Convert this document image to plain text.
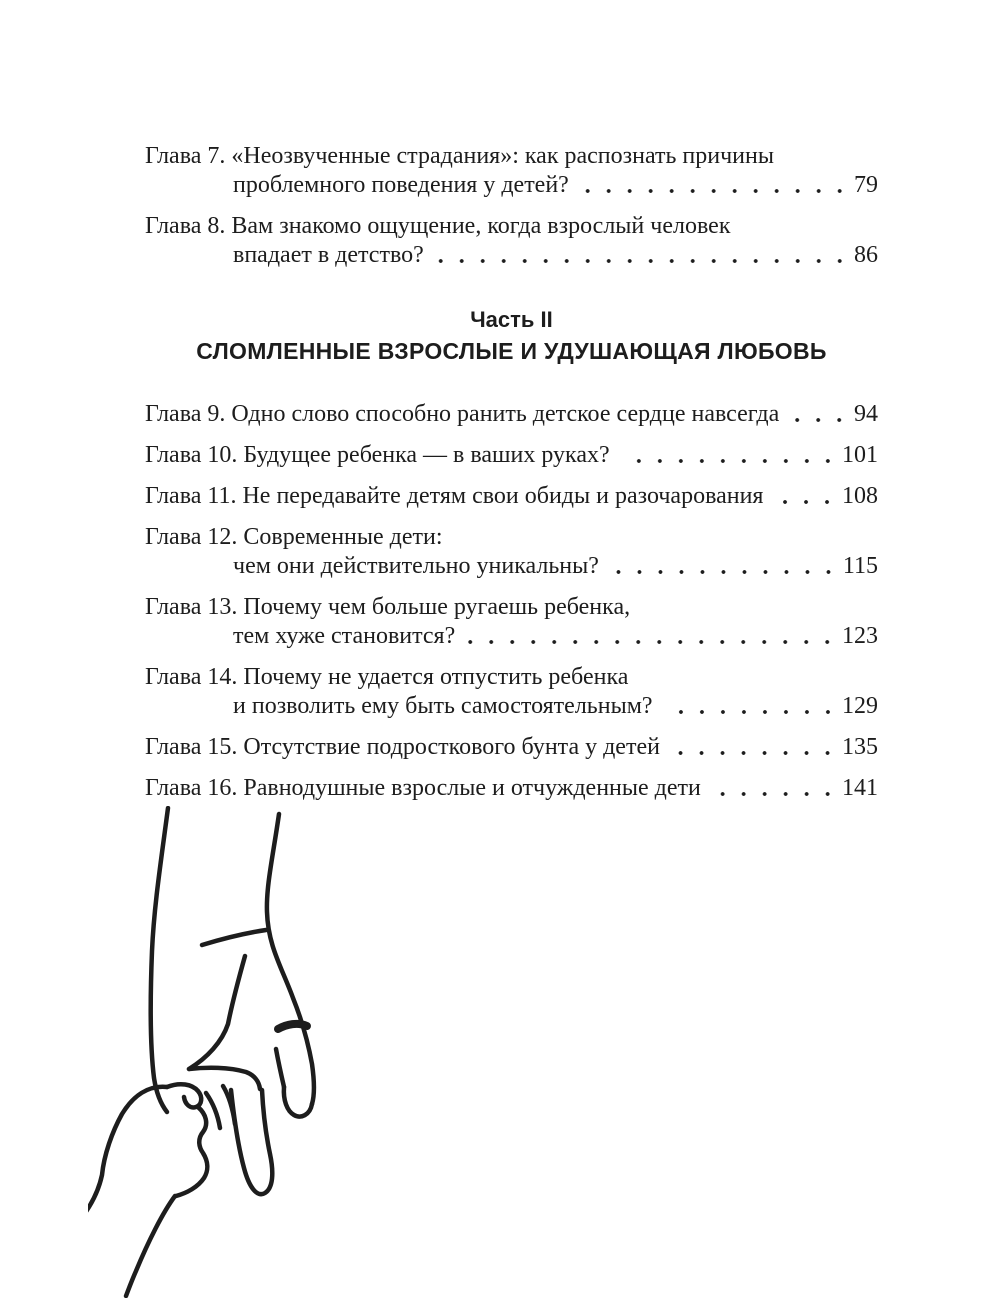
Глава 7. «Неозвученные страдания»: как распознать причины
проблемного поведения у детей?	79
Глава 8. Вам знакомо ощущение, когда взрослый человек
впадает в детство?	86
Часть II
СЛОМЛЕННЫЕ ВЗРОСЛЫЕ И УДУШАЮЩАЯ ЛЮБОВЬ
Глава 9. Одно слово способно ранить детское сердце навсегда	94
Глава 10. Будущее ребенка — в ваших руках?	101
Глава 11. Не передавайте детям свои обиды и разочарования	108
Глава 12. Современные дети:
чем они действительно уникальны?	115
Глава 13. Почему чем больше ругаешь ребенка,
тем хуже становится?	123
Глава 14. Почему не удается отпустить ребенка
и позволить ему быть самостоятельным?	129
Глава 15. Отсутствие подросткового бунта у детей	135
Глава 16. Равнодушные взрослые и отчужденные дети	141
